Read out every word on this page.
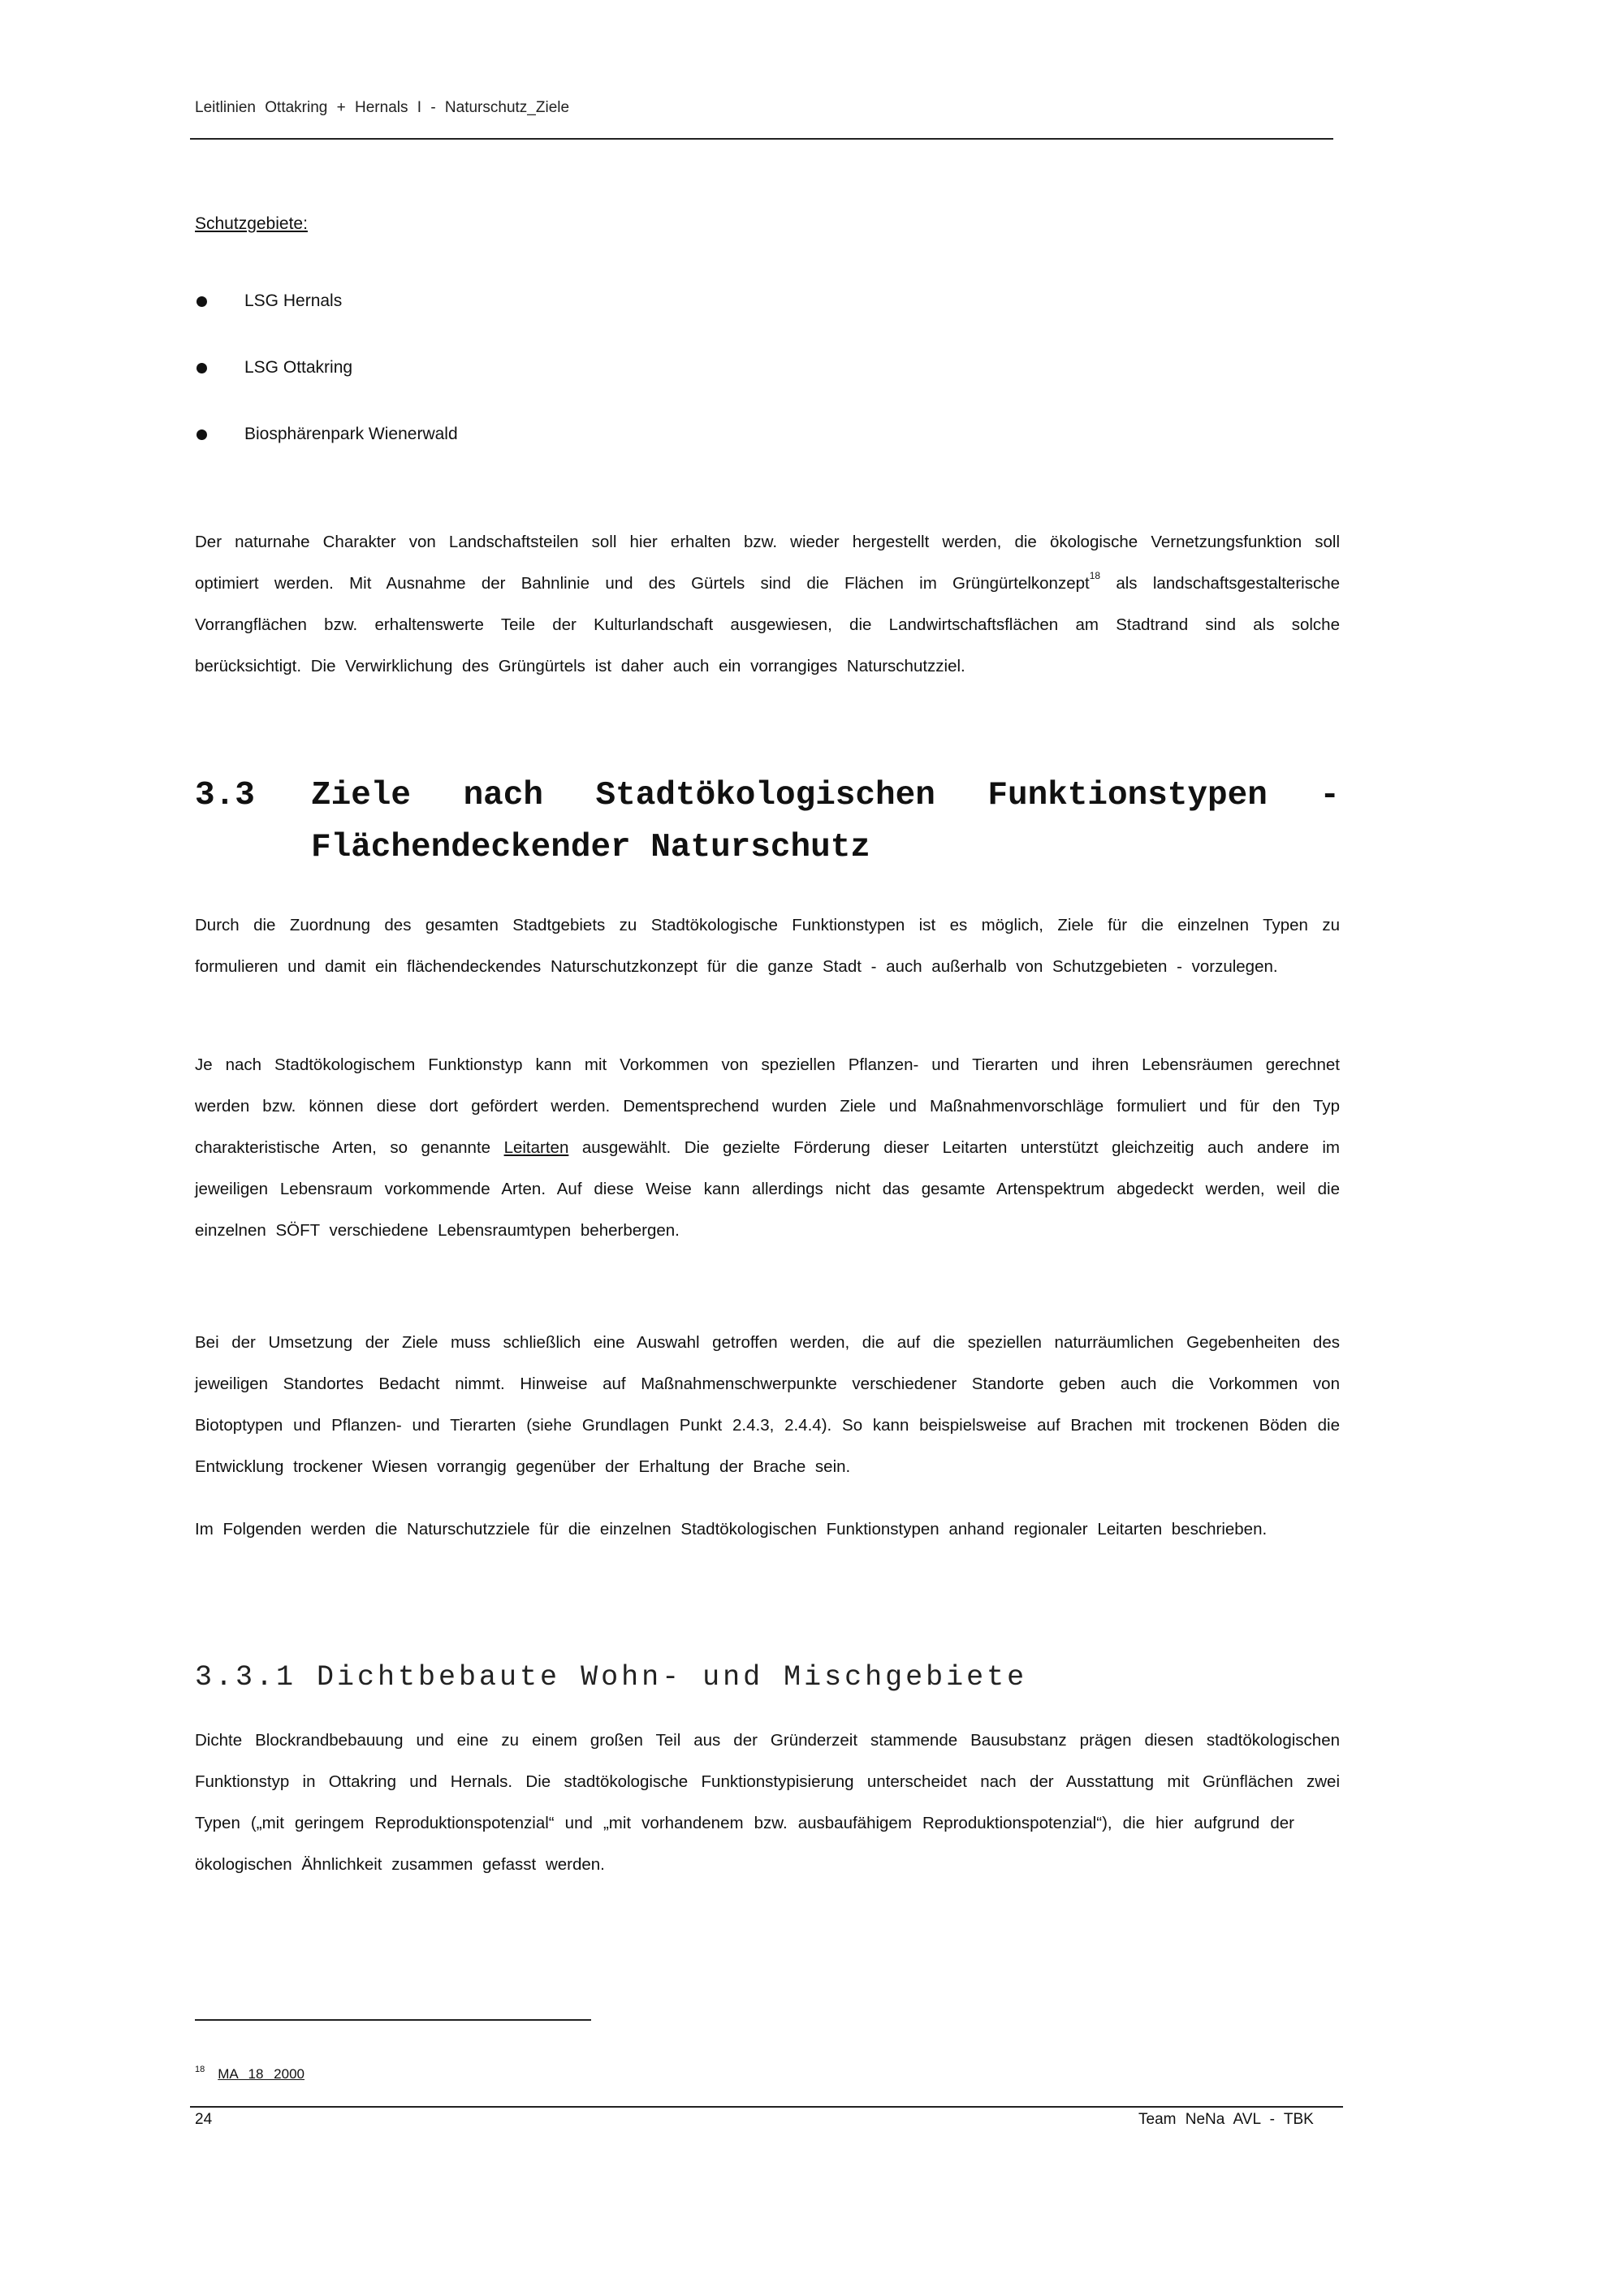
Leitlinien Ottakring + Hernals I - Naturschutz_Ziele
Schutzgebiete:
LSG Hernals
LSG Ottakring
Biosphärenpark Wienerwald

Der naturnahe Charakter von Landschaftsteilen soll hier erhalten bzw. wieder hergestellt werden, die ökologische Vernetzungsfunktion soll optimiert werden. Mit Ausnahme der Bahnlinie und des Gürtels sind die Flächen im Grüngürtelkonzept$^{18}$ als landschaftsgestalterische Vorrangflächen bzw. erhaltenswerte Teile der Kulturlandschaft ausgewiesen, die Landwirtschaftsflächen am Stadtrand sind als solche berücksichtigt. Die Verwirklichung des Grüngürtels ist daher auch ein vorrangiges Naturschutzziel.

3.3 Ziele nach Stadtökologischen Funktionstypen -
Flächendeckender Naturschutz

Durch die Zuordnung des gesamten Stadtgebiets zu Stadtökologische Funktionstypen ist es möglich, Ziele für die einzelnen Typen zu formulieren und damit ein flächendeckendes Naturschutzkonzept für die ganze Stadt - auch außerhalb von Schutzgebieten - vorzulegen.

Je nach Stadtökologischem Funktionstyp kann mit Vorkommen von speziellen Pflanzen- und Tierarten und ihren Lebensräumen gerechnet werden bzw. können diese dort gefördert werden. Dementsprechend wurden Ziele und Maßnahmenvorschläge formuliert und für den Typ charakteristische Arten, so genannte Leitarten ausgewählt. Die gezielte Förderung dieser Leitarten unterstützt gleichzeitig auch andere im jeweiligen Lebensraum vorkommende Arten. Auf diese Weise kann allerdings nicht das gesamte Artenspektrum abgedeckt werden, weil die einzelnen SÖFT verschiedene Lebensraumtypen beherbergen.

Bei der Umsetzung der Ziele muss schließlich eine Auswahl getroffen werden, die auf die speziellen naturräumlichen Gegebenheiten des jeweiligen Standortes Bedacht nimmt. Hinweise auf Maßnahmenschwerpunkte verschiedener Standorte geben auch die Vorkommen von Biotoptypen und Pflanzen- und Tierarten (siehe Grundlagen Punkt 2.4.3, 2.4.4). So kann beispielsweise auf Brachen mit trockenen Böden die Entwicklung trockener Wiesen vorrangig gegenüber der Erhaltung der Brache sein.

Im Folgenden werden die Naturschutzziele für die einzelnen Stadtökologischen Funktionstypen anhand regionaler Leitarten beschrieben.

3.3.1 Dichtbebaute Wohn- und Mischgebiete

Dichte Blockrandbebauung und eine zu einem großen Teil aus der Gründerzeit stammende Bausubstanz prägen diesen stadtökologischen Funktionstyp in Ottakring und Hernals. Die stadtökologische Funktionstypisierung unterscheidet nach der Ausstattung mit Grünflächen zwei Typen („mit geringem Reproduktionspotenzial“ und „mit vorhandenem bzw. ausbaufähigem Reproduktionspotenzial“), die hier aufgrund derökologischen Ähnlichkeit zusammen gefasst werden.

$^{18}$ MA 18 2000
24	Team NeNa AVL - TBK
